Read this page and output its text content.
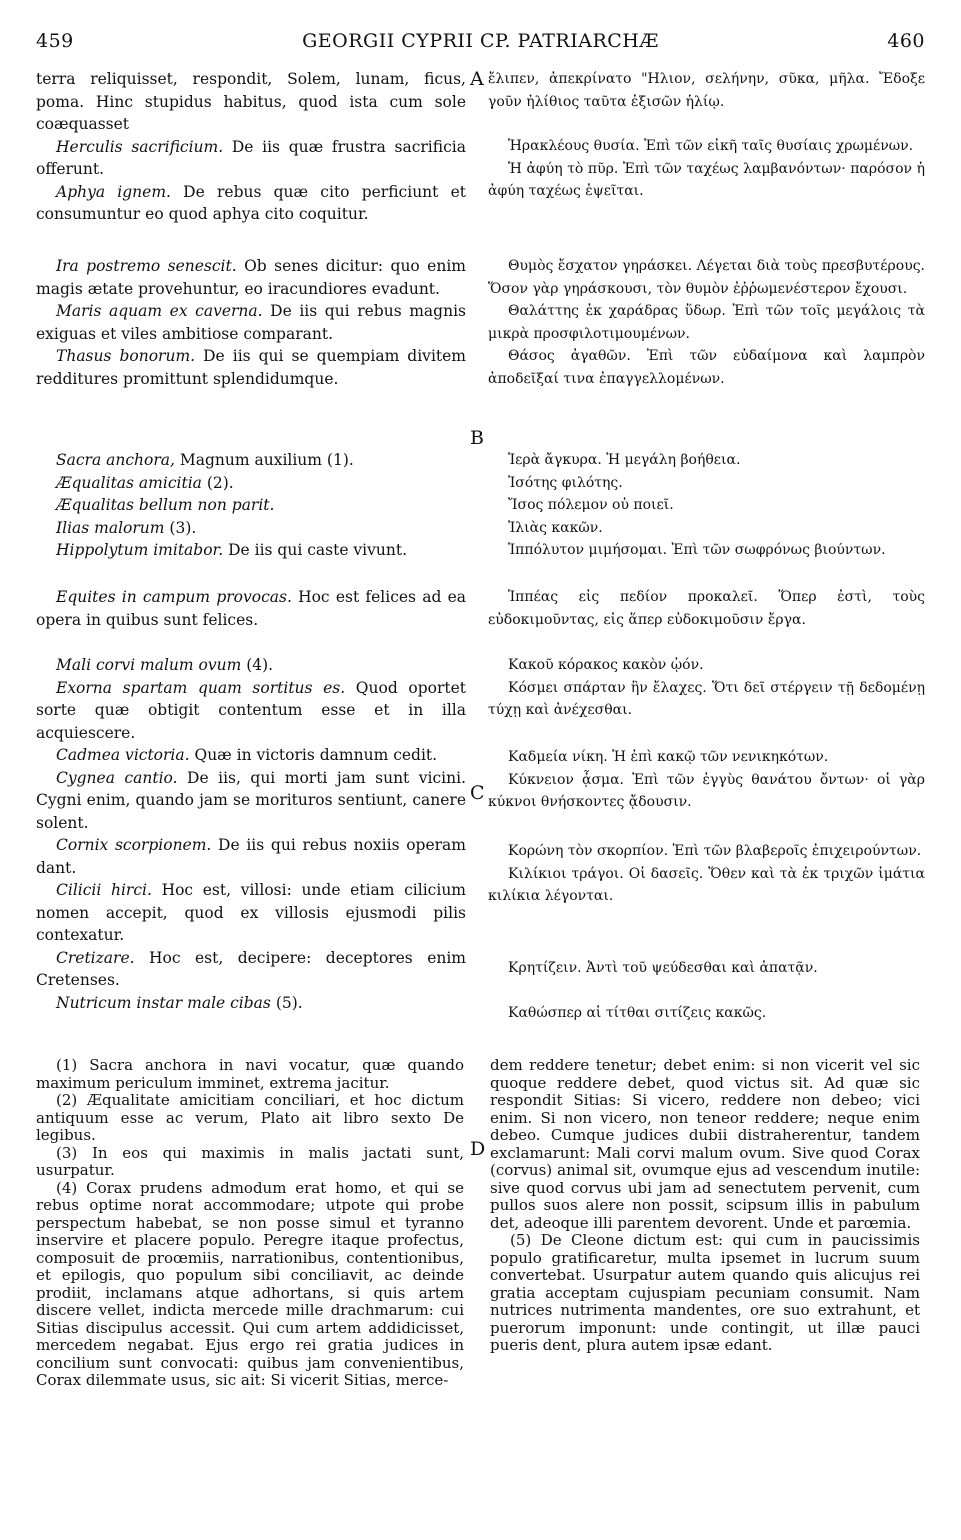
459	GEORGII CYPRII CP. PATRIARCHÆ	460
A
B
C
D

terra reliquisset, respondit, Solem, lunam, ficus, poma. Hinc stupidus habitus, quod ista cum sole coæquasset

Herculis sacrificium. De iis quæ frustra sacrificia offerunt.

Aphya ignem. De rebus quæ cito perficiunt et consumuntur eo quod aphya cito coquitur.

Ira postremo senescit. Ob senes dicitur: quo enim magis ætate provehuntur, eo iracundiores evadunt.

Maris aquam ex caverna. De iis qui rebus magnis exiguas et viles ambitiose comparant.

Thasus bonorum. De iis qui se quempiam divitem redditures promittunt splendidumque.

Sacra anchora, Magnum auxilium (1).

Æqualitas amicitia (2).

Æqualitas bellum non parit.

Ilias malorum (3).

Hippolytum imitabor. De iis qui caste vivunt.

Equites in campum provocas. Hoc est felices ad ea opera in quibus sunt felices.

Mali corvi malum ovum (4).

Exorna spartam quam sortitus es. Quod oportet sorte quæ obtigit contentum esse et in illa acquiescere.

Cadmea victoria. Quæ in victoris damnum cedit.

Cygnea cantio. De iis, qui morti jam sunt vicini. Cygni enim, quando jam se morituros sentiunt, canere solent.

Cornix scorpionem. De iis qui rebus noxiis operam dant.

Cilicii hirci. Hoc est, villosi: unde etiam cilicium nomen accepit, quod ex villosis ejusmodi pilis contexatur.

Cretizare. Hoc est, decipere: deceptores enim Cretenses.

Nutricum instar male cibas (5).

ἔλιπεν, ἀπεκρίνατο "Ηλιον, σελήνην, σῦκα, μῆλα. Ἔδοξε γοῦν ἠλίθιος ταῦτα ἐξισῶν ἡλίῳ.

Ἡρακλέους θυσία. Ἐπὶ τῶν εἰκῆ ταῖς θυσίαις χρωμένων.

Ἡ ἀφύη τὸ πῦρ. Ἐπὶ τῶν ταχέως λαμβανόντων· παρόσον ἡ ἀφύη ταχέως ἑψεῖται.

Θυμὸς ἔσχατον γηράσκει. Λέγεται διὰ τοὺς πρεσβυτέρους. Ὅσον γὰρ γηράσκουσι, τὸν θυμὸν ἐῤῥωμενέστερον ἔχουσι.

Θαλάττης ἐκ χαράδρας ὕδωρ. Ἐπὶ τῶν τοῖς μεγάλοις τὰ μικρὰ προσφιλοτιμουμένων.

Θάσος ἀγαθῶν. Ἐπὶ τῶν εὐδαίμονα καὶ λαμπρὸν ἀποδεῖξαί τινα ἐπαγγελλομένων.

Ἱερὰ ἄγκυρα. Ἡ μεγάλη βοήθεια.

Ἰσότης φιλότης.

Ἴσος πόλεμον οὐ ποιεῖ.

Ἰλιὰς κακῶν.

Ἱππόλυτον μιμήσομαι. Ἐπὶ τῶν σωφρόνως βιούντων.

Ἱππέας εἰς πεδίον προκαλεῖ. Ὅπερ ἐστὶ, τοὺς εὐδοκιμοῦντας, εἰς ἅπερ εὐδοκιμοῦσιν ἔργα.

Κακοῦ κόρακος κακὸν ᾠόν.

Κόσμει σπάρταν ἣν ἔλαχες. Ὅτι δεῖ στέργειν τῇ δεδομένῃ τύχῃ καὶ ἀνέχεσθαι.

Καδμεία νίκη. Ἡ ἐπὶ κακῷ τῶν νενικηκότων.

Κύκνειον ᾆσμα. Ἐπὶ τῶν ἐγγὺς θανάτου ὄντων· οἱ γὰρ κύκνοι θνήσκοντες ᾄδουσιν.

Κορώνη τὸν σκορπίον. Ἐπὶ τῶν βλαβεροῖς ἐπιχειρούντων.

Κιλίκιοι τράγοι. Οἱ δασεῖς. Ὅθεν καὶ τὰ ἐκ τριχῶν ἱμάτια κιλίκια λέγονται.

Κρητίζειν. Ἀντὶ τοῦ ψεύδεσθαι καὶ ἀπατᾷν.

Καθώσπερ αἱ τίτθαι σιτίζεις κακῶς.

(1) Sacra anchora in navi vocatur, quæ quando maximum periculum imminet, extrema jacitur.

(2) Æqualitate amicitiam conciliari, et hoc dictum antiquum esse ac verum, Plato ait libro sexto De legibus.

(3) In eos qui maximis in malis jactati sunt, usurpatur.

(4) Corax prudens admodum erat homo, et qui se rebus optime norat accommodare; utpote qui probe perspectum habebat, se non posse simul et tyranno inservire et placere populo. Peregre itaque profectus, composuit de proœmiis, narrationibus, contentionibus, et epilogis, quo populum sibi conciliavit, ac deinde prodiit, inclamans atque adhortans, si quis artem discere vellet, indicta mercede mille drachmarum: cui Sitias discipulus accessit. Qui cum artem addidicisset, mercedem negabat. Ejus ergo rei gratia judices in concilium sunt convocati: quibus jam convenientibus, Corax dilemmate usus, sic ait: Si vicerit Sitias, merce-

dem reddere tenetur; debet enim: si non vicerit vel sic quoque reddere debet, quod victus sit. Ad quæ sic respondit Sitias: Si vicero, reddere non debeo; vici enim. Si non vicero, non teneor reddere; neque enim debeo. Cumque judices dubii distraherentur, tandem exclamarunt: Mali corvi malum ovum. Sive quod Corax (corvus) animal sit, ovumque ejus ad vescendum inutile: sive quod corvus ubi jam ad senectutem pervenit, cum pullos suos alere non possit, scipsum illis in pabulum det, adeoque illi parentem devorent. Unde et parœmia.

(5) De Cleone dictum est: qui cum in paucissimis populo gratificaretur, multa ipsemet in lucrum suum convertebat. Usurpatur autem quando quis alicujus rei gratia acceptam cujuspiam pecuniam consumit. Nam nutrices nutrimenta mandentes, ore suo extrahunt, et puerorum imponunt: unde contingit, ut illæ pauci pueris dent, plura autem ipsæ edant.
